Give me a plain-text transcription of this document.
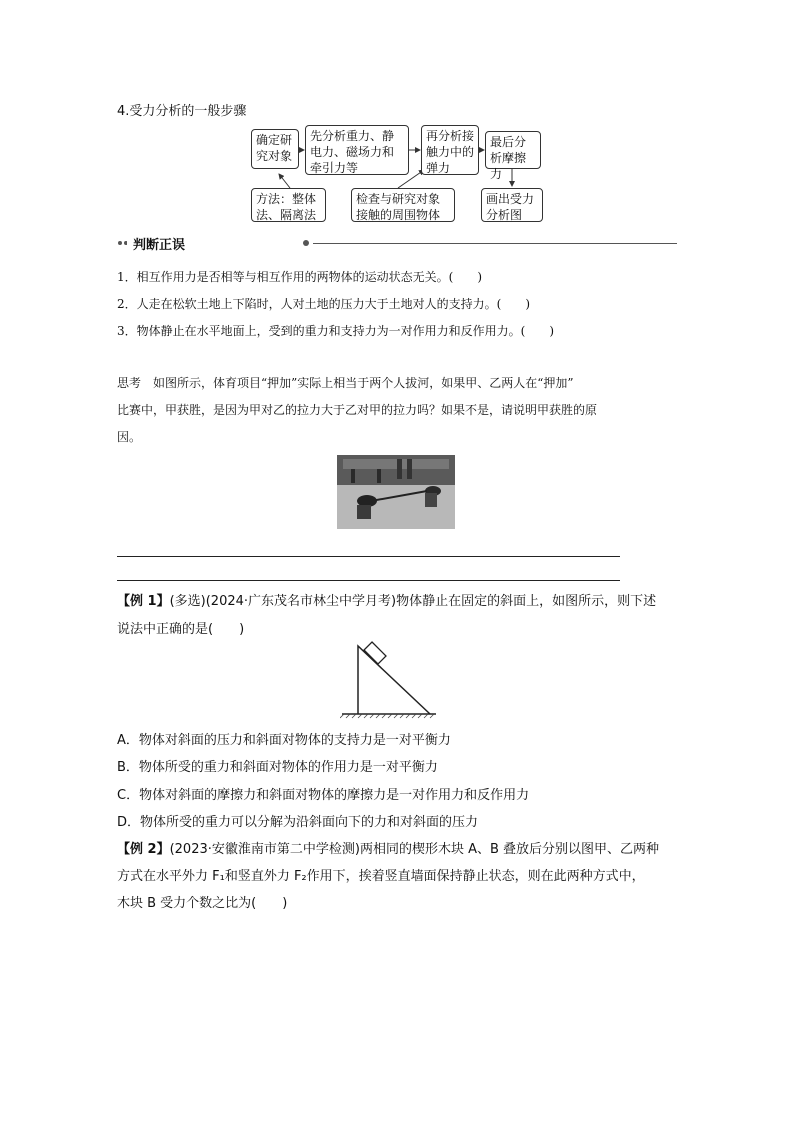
4.受力分析的一般步骤
确定研究对象
先分析重力、静电力、磁场力和牵引力等
再分析接触力中的弹力
最后分析摩擦力
方法：整体法、隔离法
检查与研究对象接触的周围物体
画出受力分析图
判断正误
1．相互作用力是否相等与相互作用的两物体的运动状态无关。(　　)
2．人走在松软土地上下陷时，人对土地的压力大于土地对人的支持力。(　　)
3．物体静止在水平地面上，受到的重力和支持力为一对作用力和反作用力。(　　)
思考　如图所示，体育项目“押加”实际上相当于两个人拔河，如果甲、乙两人在“押加”
比赛中，甲获胜，是因为甲对乙的拉力大于乙对甲的拉力吗？如果不是，请说明甲获胜的原
因。
【例 1】(多选)(2024·广东茂名市林尘中学月考)物体静止在固定的斜面上，如图所示，则下述
说法中正确的是(　　)
A．物体对斜面的压力和斜面对物体的支持力是一对平衡力
B．物体所受的重力和斜面对物体的作用力是一对平衡力
C．物体对斜面的摩擦力和斜面对物体的摩擦力是一对作用力和反作用力
D．物体所受的重力可以分解为沿斜面向下的力和对斜面的压力
【例 2】(2023·安徽淮南市第二中学检测)两相同的楔形木块 A、B 叠放后分别以图甲、乙两种
方式在水平外力 F₁和竖直外力 F₂作用下，挨着竖直墙面保持静止状态，则在此两种方式中，
木块 B 受力个数之比为(　　)
